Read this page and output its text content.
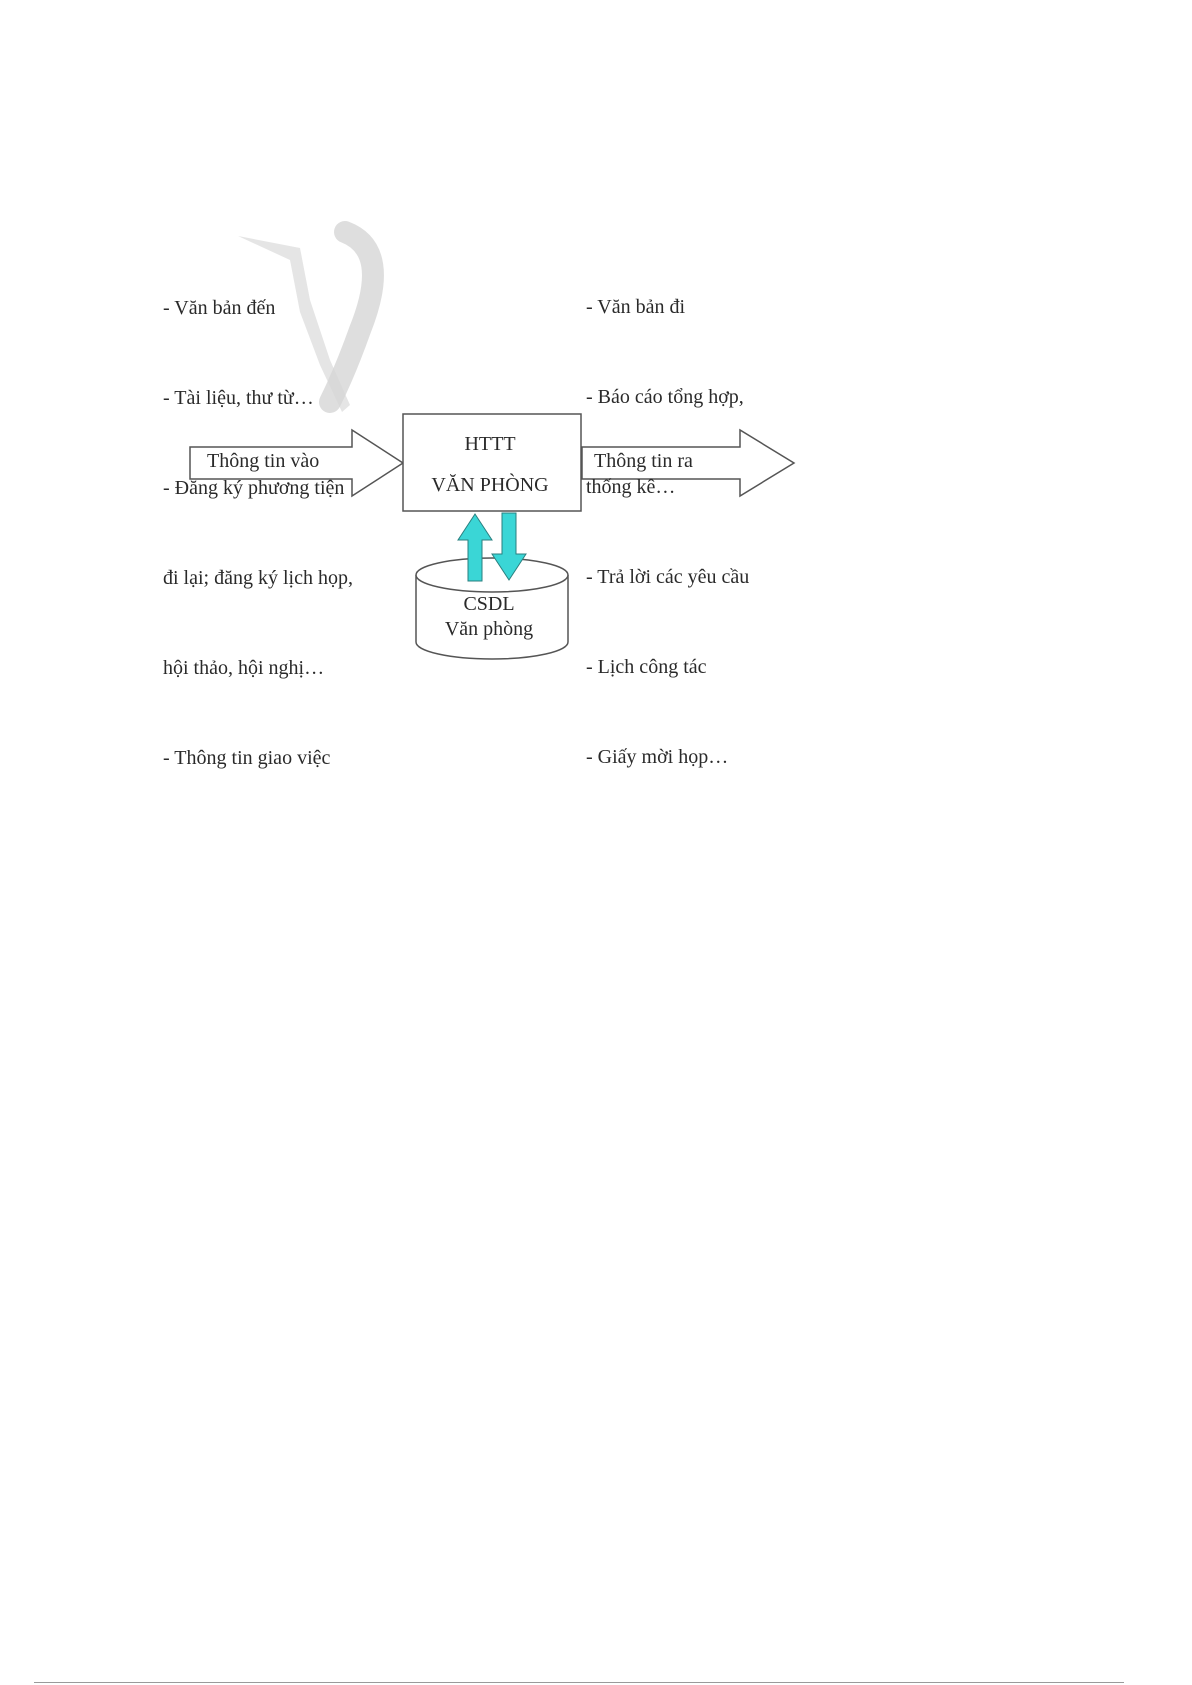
- Văn bản đến

- Tài liệu, thư từ…

- Đăng ký phương tiện

đi lại; đăng ký lịch họp,

hội thảo, hội nghị…

- Thông tin giao việc

- Văn bản đi

- Báo cáo tổng hợp,

thống kê…

- Trả lời các yêu cầu

- Lịch công tác

- Giấy mời họp…

Thông tin vào	Thông tin ra
HTTT
VĂN PHÒNG
CSDL
Văn phòng
